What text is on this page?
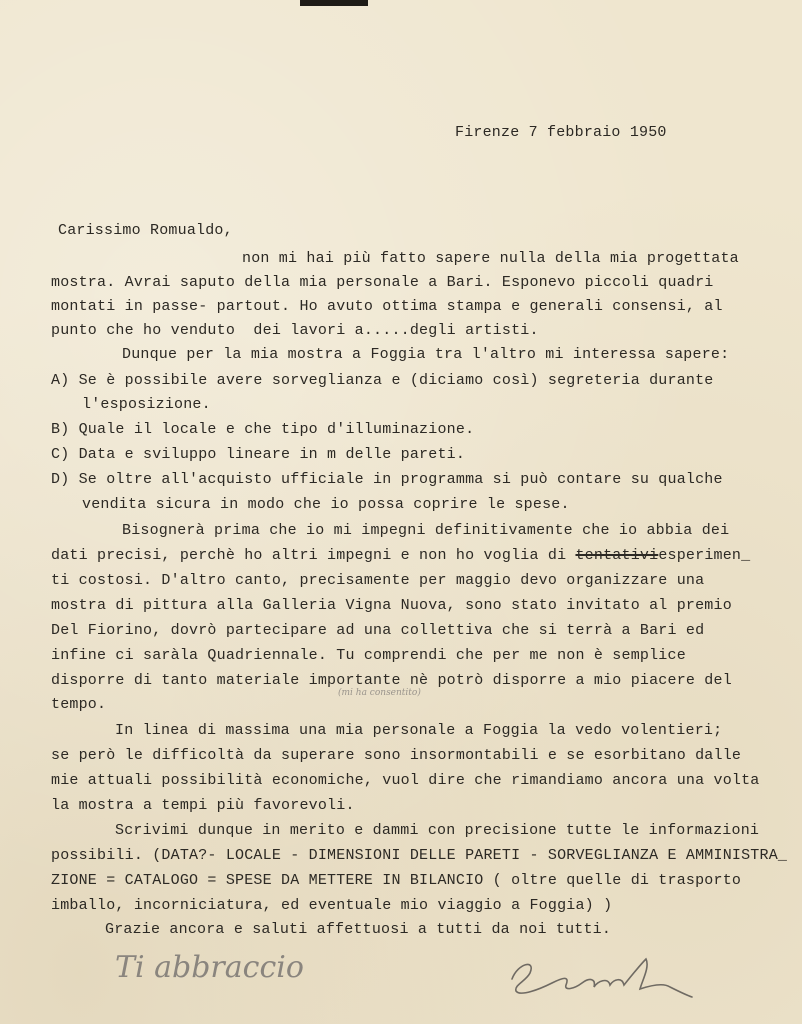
Firenze 7 febbraio 1950
Carissimo Romualdo,
non mi hai più fatto sapere nulla della mia progettata
mostra. Avrai saputo della mia personale a Bari. Esponevo piccoli quadri
montati in passe- partout. Ho avuto ottima stampa e generali consensi, al
punto che ho venduto  dei lavori a.....degli artisti.
Dunque per la mia mostra a Foggia tra l'altro mi interessa sapere:
A) Se è possibile avere sorveglianza e (diciamo così) segreteria durante
l'esposizione.
B) Quale il locale e che tipo d'illuminazione.
C) Data e sviluppo lineare in m delle pareti.
D) Se oltre all'acquisto ufficiale in programma si può contare su qualche
vendita sicura in modo che io possa coprire le spese.
Bisognerà prima che io mi impegni definitivamente che io abbia dei
dati precisi, perchè ho altri impegni e non ho voglia di tentativiesperimen_
ti costosi. D'altro canto, precisamente per maggio devo organizzare una
mostra di pittura alla Galleria Vigna Nuova, sono stato invitato al premio
Del Fiorino, dovrò partecipare ad una collettiva che si terrà a Bari ed
infine ci saràla Quadriennale. Tu comprendi che per me non è semplice
disporre di tanto materiale importante nè potrò disporre a mio piacere del
(mi ha consentito)
tempo.
In linea di massima una mia personale a Foggia la vedo volentieri;
se però le difficoltà da superare sono insormontabili e se esorbitano dalle
mie attuali possibilità economiche, vuol dire che rimandiamo ancora una volta
la mostra a tempi più favorevoli.
Scrivimi dunque in merito e dammi con precisione tutte le informazioni
possibili. (DATA?- LOCALE - DIMENSIONI DELLE PARETI - SORVEGLIANZA E AMMINISTRA_
ZIONE = CATALOGO = SPESE DA METTERE IN BILANCIO ( oltre quelle di trasporto
imballo, incorniciatura, ed eventuale mio viaggio a Foggia) )
Grazie ancora e saluti affettuosi a tutti da noi tutti.
Ti abbraccio
